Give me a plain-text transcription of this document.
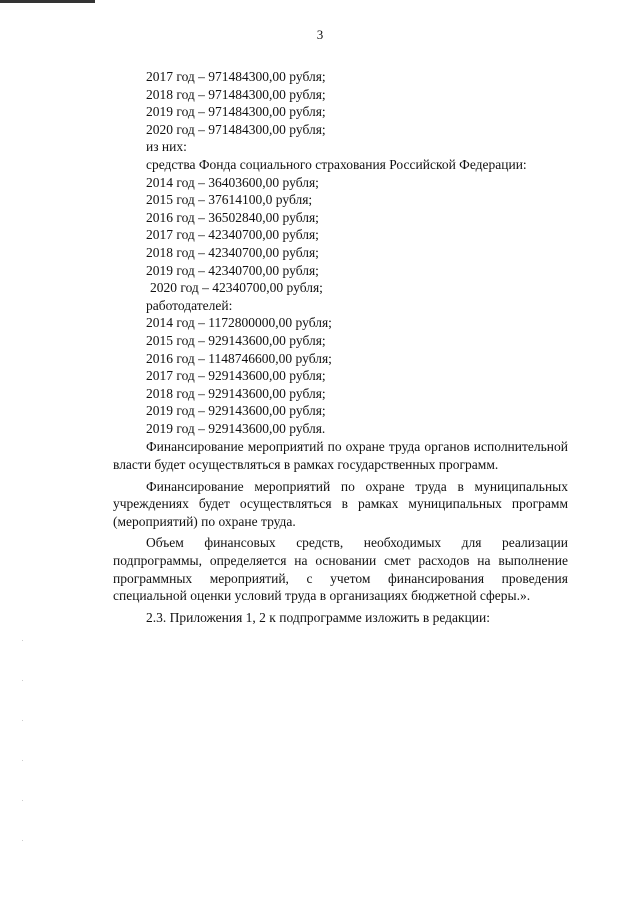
3
2017 год – 971484300,00 рубля;
2018 год – 971484300,00 рубля;
2019 год – 971484300,00 рубля;
2020 год – 971484300,00 рубля;
из них:
средства Фонда социального страхования Российской Федерации:
2014 год – 36403600,00 рубля;
2015 год – 37614100,0 рубля;
2016 год – 36502840,00 рубля;
2017 год – 42340700,00 рубля;
2018 год – 42340700,00 рубля;
2019 год – 42340700,00 рубля;
2020 год – 42340700,00 рубля;
работодателей:
2014 год – 1172800000,00 рубля;
2015 год – 929143600,00 рубля;
2016 год – 1148746600,00 рубля;
2017 год – 929143600,00 рубля;
2018 год – 929143600,00 рубля;
2019 год – 929143600,00 рубля;
2019 год – 929143600,00 рубля.

Финансирование мероприятий по охране труда органов исполнительной власти будет осуществляться в рамках государственных программ.

Финансирование мероприятий по охране труда в муниципальных учреждениях будет осуществляться в рамках муниципальных программ (мероприятий) по охране труда.

Объем финансовых средств, необходимых для реализации подпрограммы, определяется на основании смет расходов на выполнение программных мероприятий, с учетом финансирования проведения специальной оценки условий труда в организациях бюджетной сферы.».

2.3. Приложения 1, 2 к подпрограмме изложить в редакции:
